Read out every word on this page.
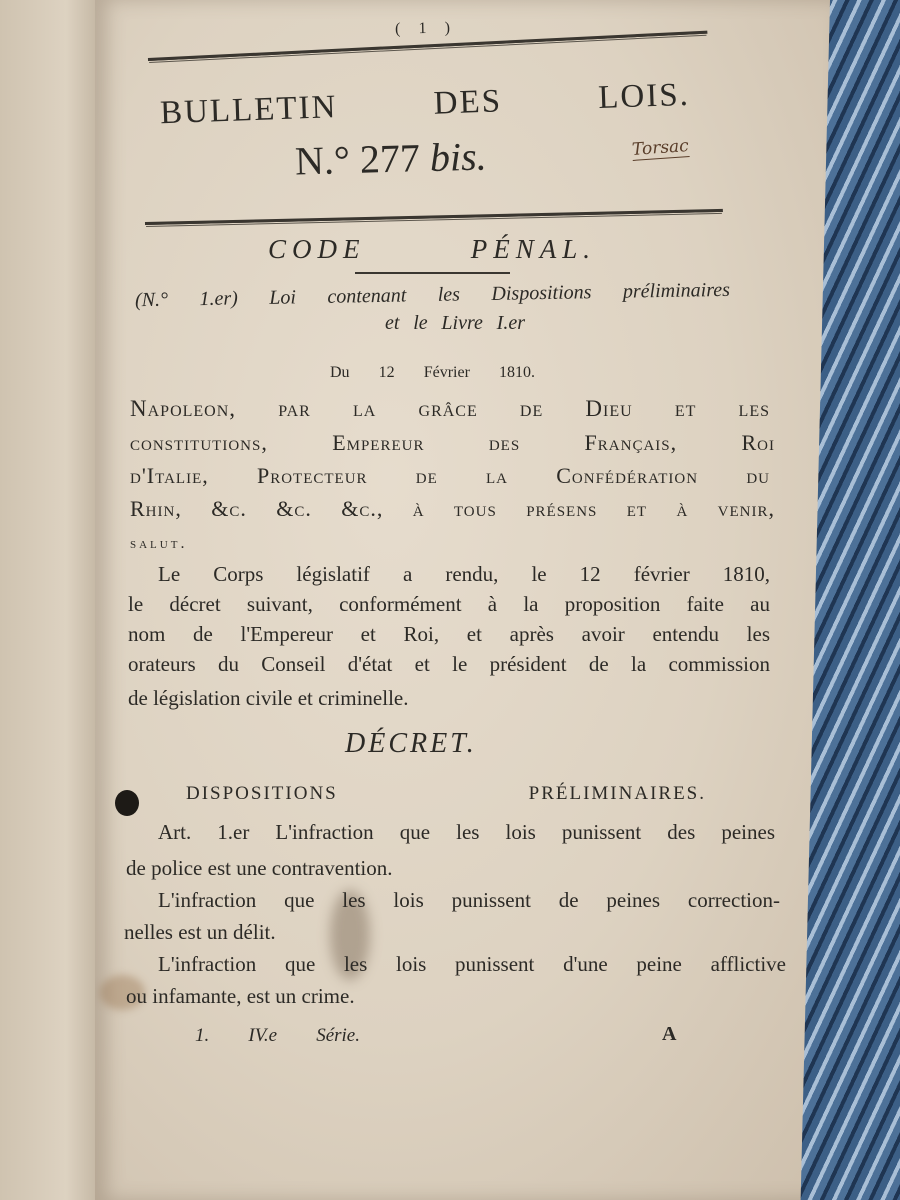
( 1 )
BULLETIN DES LOIS.
N.° 277 bis.	Torsac
CODE PÉNAL.
(N.° 1.er) Loi contenant les Dispositions préliminaires
et le Livre I.er
Du 12 Février 1810.
Napoleon, par la grâce de Dieu et les
constitutions, Empereur des Français, Roi
d'Italie, Protecteur de la Confédération du
Rhin, &c. &c. &c., à tous présens et à venir,
salut.
Le Corps législatif a rendu, le 12 février 1810,
le décret suivant, conformément à la proposition faite au
nom de l'Empereur et Roi, et après avoir entendu les
orateurs du Conseil d'état et le président de la commission
de législation civile et criminelle.
DÉCRET.
DISPOSITIONS PRÉLIMINAIRES.
Art. 1.er L'infraction que les lois punissent des peines
de police est une contravention.
L'infraction que les lois punissent de peines correction-
nelles est un délit.
L'infraction que les lois punissent d'une peine afflictive
ou infamante, est un crime.
1. IV.e Série.	A
